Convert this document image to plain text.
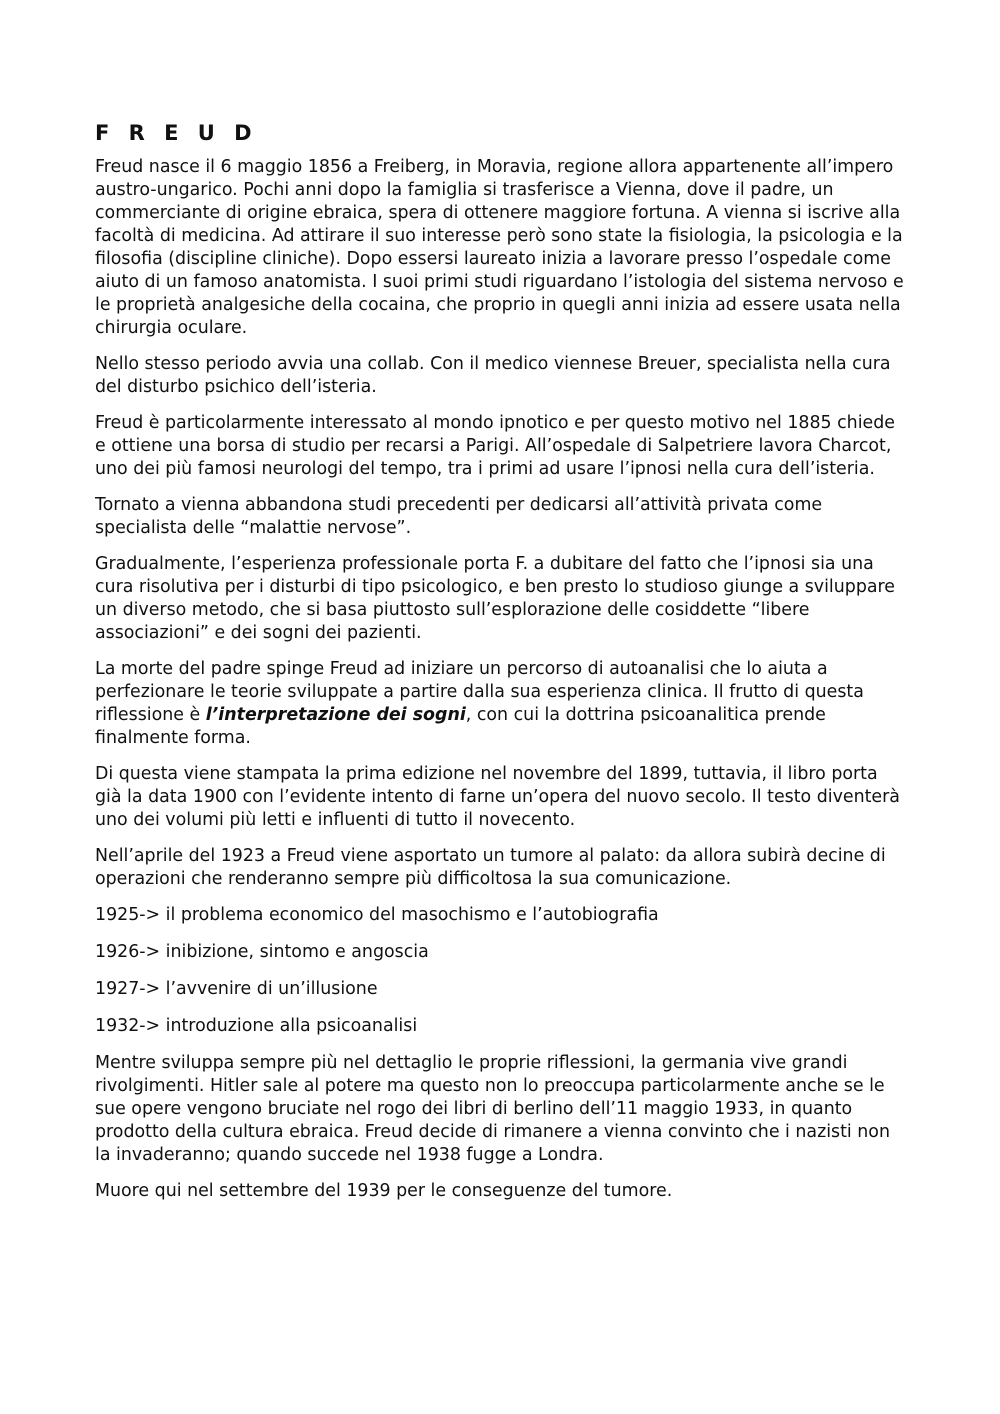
F R E U D

Freud nasce il 6 maggio 1856 a Freiberg, in Moravia, regione allora appartenente all’impero austro-ungarico. Pochi anni dopo la famiglia si trasferisce a Vienna, dove il padre, un commerciante di origine ebraica, spera di ottenere maggiore fortuna. A vienna si iscrive alla facoltà di medicina. Ad attirare il suo interesse però sono state la fisiologia, la psicologia e la filosofia (discipline cliniche). Dopo essersi laureato inizia a lavorare presso l’ospedale come aiuto di un famoso anatomista. I suoi primi studi riguardano l’istologia del sistema nervoso e le proprietà analgesiche della cocaina, che proprio in quegli anni inizia ad essere usata nella chirurgia oculare.

Nello stesso periodo avvia una collab. Con il medico viennese Breuer, specialista nella cura del disturbo psichico dell’isteria.

Freud è particolarmente interessato al mondo ipnotico e per questo motivo nel 1885 chiede e ottiene una borsa di studio per recarsi a Parigi. All’ospedale di Salpetriere lavora Charcot, uno dei più famosi neurologi del tempo, tra i primi ad usare l’ipnosi nella cura dell’isteria.

Tornato a vienna abbandona studi precedenti per dedicarsi all’attività privata come specialista delle “malattie nervose”.

Gradualmente, l’esperienza professionale porta F. a dubitare del fatto che l’ipnosi sia una cura risolutiva per i disturbi di tipo psicologico, e ben presto lo studioso giunge a sviluppare un diverso metodo, che si basa piuttosto sull’esplorazione delle cosiddette “libere associazioni” e dei sogni dei pazienti.

La morte del padre spinge Freud ad iniziare un percorso di autoanalisi che lo aiuta a perfezionare le teorie sviluppate a partire dalla sua esperienza clinica. Il frutto di questa riflessione è l’interpretazione dei sogni, con cui la dottrina psicoanalitica prende finalmente forma.

Di questa viene stampata la prima edizione nel novembre del 1899, tuttavia, il libro porta già la data 1900 con l’evidente intento di farne un’opera del nuovo secolo. Il testo diventerà uno dei volumi più letti e influenti di tutto il novecento.

Nell’aprile del 1923 a Freud viene asportato un tumore al palato: da allora subirà decine di operazioni che renderanno sempre più difficoltosa la sua comunicazione.

1925-> il problema economico del masochismo e l’autobiografia

1926-> inibizione, sintomo e angoscia

1927-> l’avvenire di un’illusione

1932-> introduzione alla psicoanalisi

Mentre sviluppa sempre più nel dettaglio le proprie riflessioni, la germania vive grandi rivolgimenti. Hitler sale al potere ma questo non lo preoccupa particolarmente anche se le sue opere vengono bruciate nel rogo dei libri di berlino dell’11 maggio 1933, in quanto prodotto della cultura ebraica. Freud decide di rimanere a vienna convinto che i nazisti non la invaderanno; quando succede nel 1938 fugge a Londra.

Muore qui nel settembre del 1939 per le conseguenze del tumore.
